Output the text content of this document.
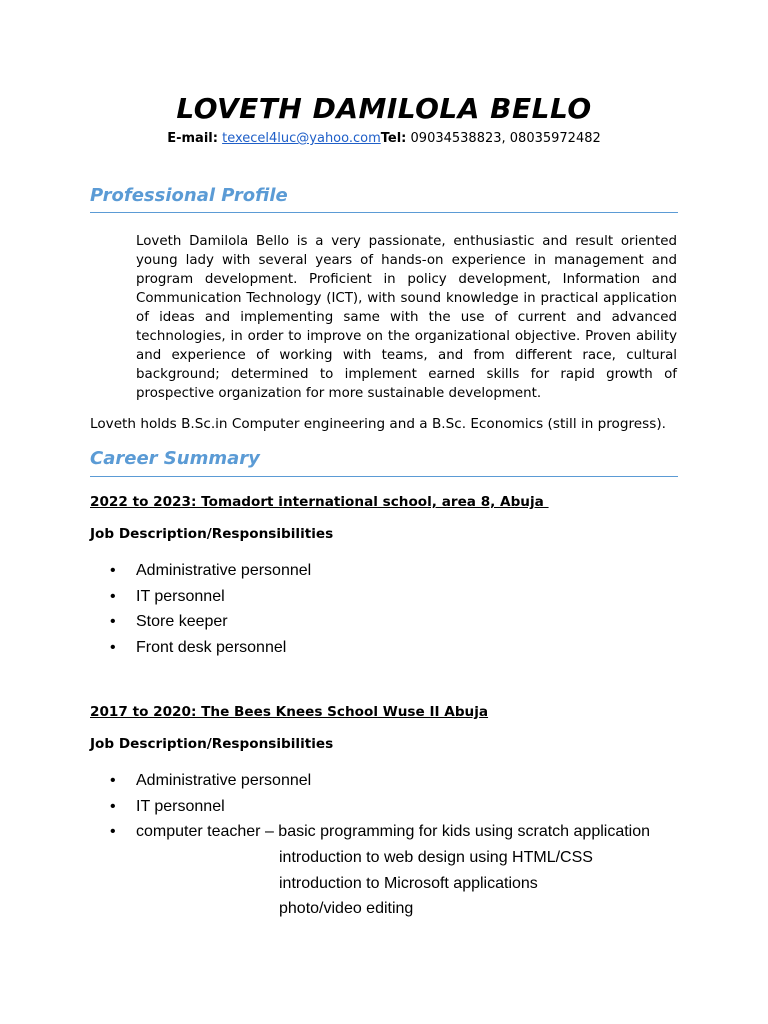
LOVETH DAMILOLA BELLO
E-mail: texecel4luc@yahoo.comTel: 09034538823, 08035972482
Professional Profile
Loveth Damilola Bello is a very passionate, enthusiastic and result oriented young lady with several years of hands-on experience in management and program development. Proficient in policy development, Information and Communication Technology (ICT), with sound knowledge in practical application of ideas and implementing same with the use of current and advanced technologies, in order to improve on the organizational objective. Proven ability and experience of working with teams, and from different race, cultural background; determined to implement earned skills for rapid growth of prospective organization for more sustainable development.
Loveth holds B.Sc.in Computer engineering and a B.Sc. Economics (still in progress).
Career Summary
2022 to 2023: Tomadort international school, area 8, Abuja
Job Description/Responsibilities
• Administrative personnel
• IT personnel
• Store keeper
• Front desk personnel
2017 to 2020: The Bees Knees School Wuse II Abuja
Job Description/Responsibilities
• Administrative personnel
• IT personnel
• computer teacher – basic programming for kids using scratch application
introduction to web design using HTML/CSS
introduction to Microsoft applications
photo/video editing
